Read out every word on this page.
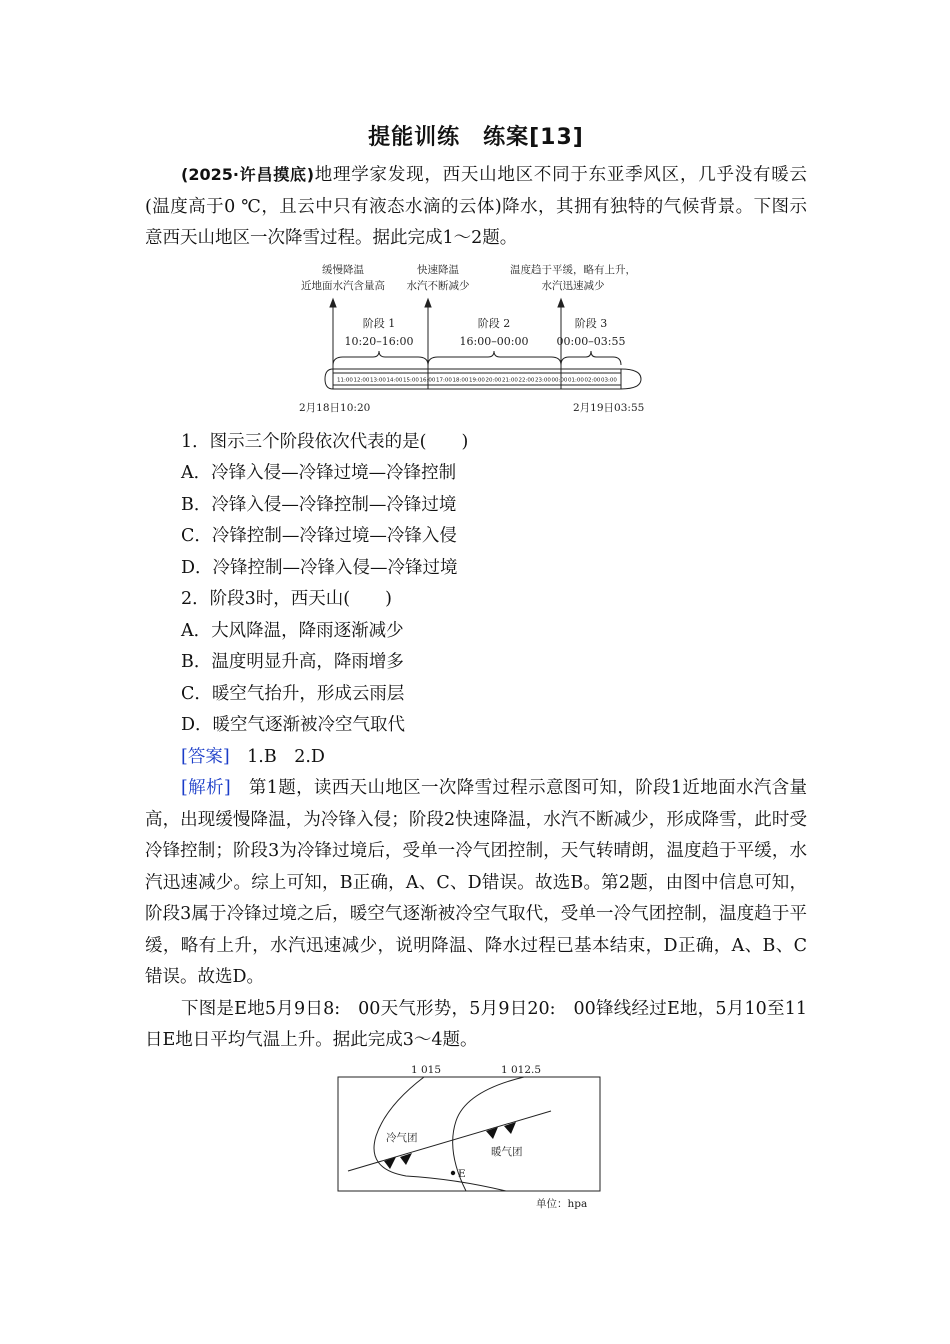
提能训练　练案[13]

(2025·许昌摸底)地理学家发现，西天山地区不同于东亚季风区，几乎没有暖云(温度高于0 ℃，且云中只有液态水滴的云体)降水，其拥有独特的气候背景。下图示意西天山地区一次降雪过程。据此完成1～2题。

缓慢降温
近地面水汽含量高
快速降温
水汽不断减少
温度趋于平缓，略有上升，
水汽迅速减少
阶段 1
10:20–16:00
阶段 2
16:00–00:00
阶段 3
00:00–03:55
11:00 12:00 13:00 14:00 15:00 16:00 17:00 18:00 19:00 20:00 21:00 22:00 23:00 00:00 01:00 02:00 03:00
2月18日10:20	2月19日03:55

1．图示三个阶段依次代表的是(　　)

A．冷锋入侵—冷锋过境—冷锋控制

B．冷锋入侵—冷锋控制—冷锋过境

C．冷锋控制—冷锋过境—冷锋入侵

D．冷锋控制—冷锋入侵—冷锋过境

2．阶段3时，西天山(　　)

A．大风降温，降雨逐渐减少

B．温度明显升高，降雨增多

C．暖空气抬升，形成云雨层

D．暖空气逐渐被冷空气取代

[答案]　1.B　2.D

[解析]　第1题，读西天山地区一次降雪过程示意图可知，阶段1近地面水汽含量高，出现缓慢降温，为冷锋入侵；阶段2快速降温，水汽不断减少，形成降雪，此时受冷锋控制；阶段3为冷锋过境后，受单一冷气团控制，天气转晴朗，温度趋于平缓，水汽迅速减少。综上可知，B正确，A、C、D错误。故选B。第2题，由图中信息可知，阶段3属于冷锋过境之后，暖空气逐渐被冷空气取代，受单一冷气团控制，温度趋于平缓，略有上升，水汽迅速减少，说明降温、降水过程已基本结束，D正确，A、B、C错误。故选D。

下图是E地5月9日8:　00天气形势，5月9日20:　00锋线经过E地，5月10至11日E地日平均气温上升。据此完成3～4题。

1 015	1 012.5
冷气团
暖气团
E
单位：hpa
